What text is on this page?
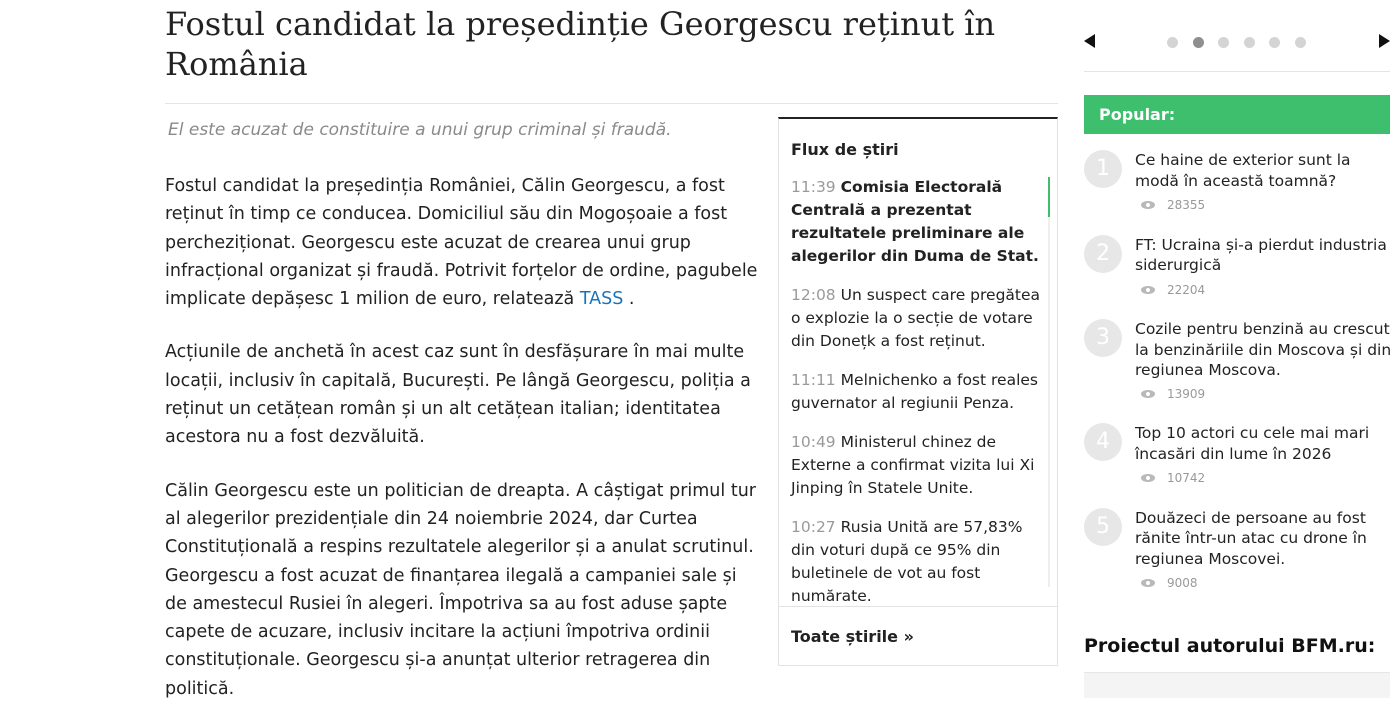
Fostul candidat la președinție Georgescu reținut în România
El este acuzat de constituire a unui grup criminal și fraudă.

Fostul candidat la președinția României, Călin Georgescu, a fost reținut în timp ce conducea. Domiciliul său din Mogoșoaie a fost percheziționat. Georgescu este acuzat de crearea unui grup infracțional organizat și fraudă. Potrivit forțelor de ordine, pagubele implicate depășesc 1 milion de euro, relatează TASS .

Acțiunile de anchetă în acest caz sunt în desfășurare în mai multe locații, inclusiv în capitală, București. Pe lângă Georgescu, poliția a reținut un cetățean român și un alt cetățean italian; identitatea acestora nu a fost dezvăluită.

Călin Georgescu este un politician de dreapta. A câștigat primul tur al alegerilor prezidențiale din 24 noiembrie 2024, dar Curtea Constituțională a respins rezultatele alegerilor și a anulat scrutinul. Georgescu a fost acuzat de finanțarea ilegală a campaniei sale și de amestecul Rusiei în alegeri. Împotriva sa au fost aduse șapte capete de acuzare, inclusiv incitare la acțiuni împotriva ordinii constituționale. Georgescu și-a anunțat ulterior retragerea din politică.

Flux de știri
11:39 Comisia Electorală Centrală a prezentat rezultatele preliminare ale alegerilor din Duma de Stat.
12:08 Un suspect care pregătea o explozie la o secție de votare din Donețk a fost reținut.
11:11 Melnichenko a fost reales guvernator al regiunii Penza.
10:49 Ministerul chinez de Externe a confirmat vizita lui Xi Jinping în Statele Unite.
10:27 Rusia Unită are 57,83% din voturi după ce 95% din buletinele de vot au fost numărate.
Toate știrile »
Popular:
1	Ce haine de exterior sunt la modă în această toamnă?
28355
2	FT: Ucraina și-a pierdut industria siderurgică
22204
3	Cozile pentru benzină au crescut la benzinăriile din Moscova și din regiunea Moscova.
13909
4	Top 10 actori cu cele mai mari încasări din lume în 2026
10742
5	Douăzeci de persoane au fost rănite într-un atac cu drone în regiunea Moscovei.
9008
Proiectul autorului BFM.ru:
